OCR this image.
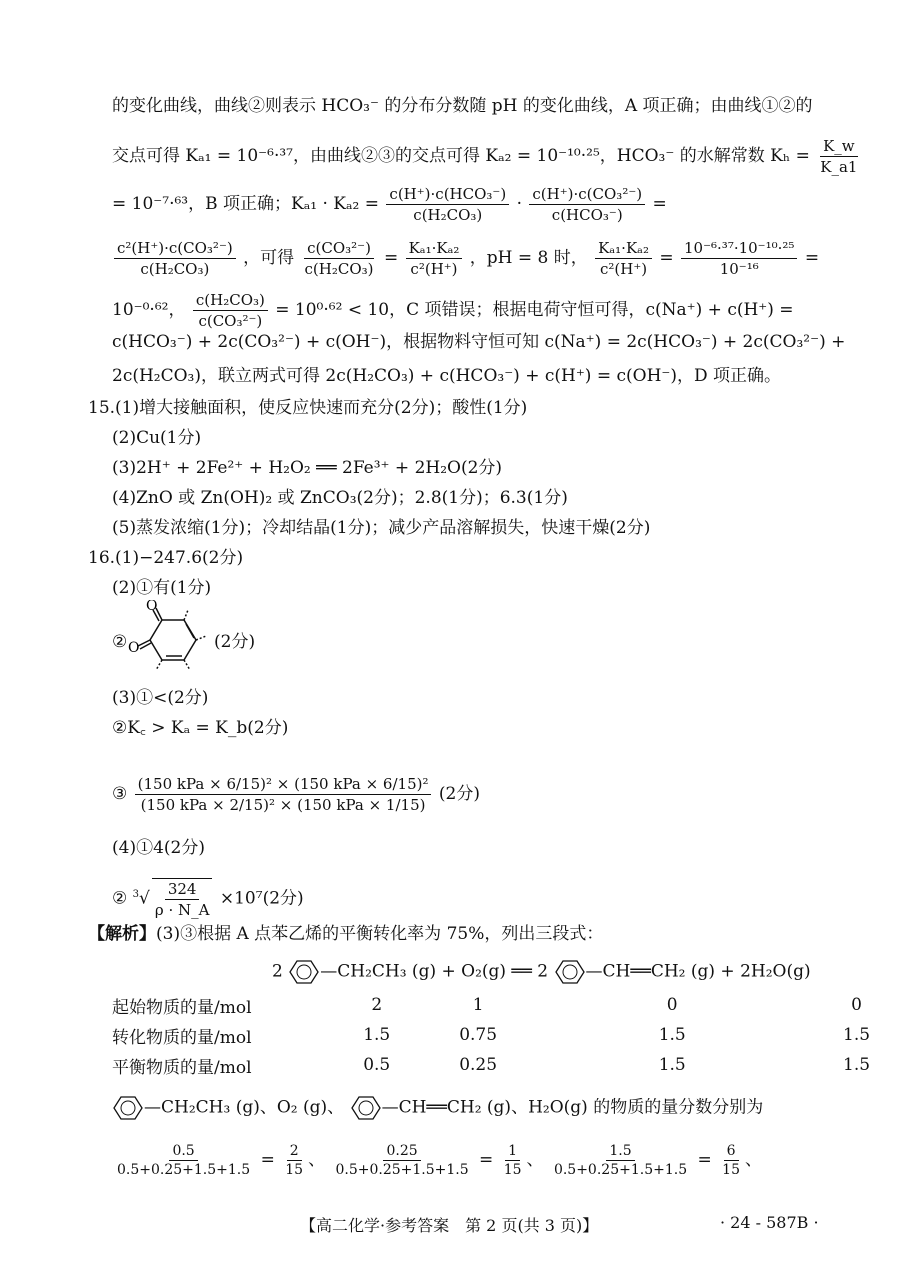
的变化曲线，曲线②则表示 HCO₃⁻ 的分布分数随 pH 的变化曲线，A 项正确；由曲线①②的
交点可得 Kₐ₁ = 10⁻⁶·³⁷，由曲线②③的交点可得 Kₐ₂ = 10⁻¹⁰·²⁵，HCO₃⁻ 的水解常数 $K_h = \frac{K\_w}{K\_a1}$
= 10⁻⁷·⁶³，B 项正确；$K_{a1} \cdot K_{a2} = \frac{\text{c(H⁺)·c(HCO₃⁻)}}{\text{c(H₂CO₃)}} \cdot \frac{\text{c(H⁺)·c(CO₃²⁻)}}{\text{c(HCO₃⁻)}}$ =
$\frac{\text{c²(H⁺)·c(CO₃²⁻)}}{\text{c(H₂CO₃)}}$ ，可得 $\frac{\text{c(CO₃²⁻)}}{\text{c(H₂CO₃)}} = \frac{\text{Kₐ₁·Kₐ₂}}{\text{c²(H⁺)}}$ ，pH = 8 时， $\frac{\text{Kₐ₁·Kₐ₂}}{\text{c²(H⁺)}} = \frac{\text{10⁻⁶·³⁷·10⁻¹⁰·²⁵}}{\text{10⁻¹⁶}}$ =
10⁻⁰·⁶²， $\frac{\text{c(H₂CO₃)}}{\text{c(CO₃²⁻)}} = 10^0\cdot^{62} < 10$，C 项错误；根据电荷守恒可得，c(Na⁺) + c(H⁺) =
c(HCO₃⁻) + 2c(CO₃²⁻) + c(OH⁻)，根据物料守恒可知 c(Na⁺) = 2c(HCO₃⁻) + 2c(CO₃²⁻) +
2c(H₂CO₃)，联立两式可得 2c(H₂CO₃) + c(HCO₃⁻) + c(H⁺) = c(OH⁻)，D 项正确。
15.(1)增大接触面积，使反应快速而充分(2分)；酸性(1分)
(2)Cu(1分)
(3)2H⁺ + 2Fe²⁺ + H₂O₂ ══ 2Fe³⁺ + 2H₂O(2分)
(4)ZnO 或 Zn(OH)₂ 或 ZnCO₃(2分)；2.8(1分)；6.3(1分)
(5)蒸发浓缩(1分)；冷却结晶(1分)；减少产品溶解损失，快速干燥(2分)
16.(1)−247.6(2分)
(2)①有(1分)
②
O
O	(2分)
(3)①<(2分)
②K꜀ > Kₐ = K_b(2分)
③ $\frac{\text{(150 kPa × 6/15)² × (150 kPa × 6/15)²}}{\text{(150 kPa × 2/15)² × (150 kPa × 1/15)}} (2$分)
(4)①4(2分)
② $^3√ \frac{324}{\rho \cdot N\_A} \times 10^7(2$分)
【解析】(3)③根据 A 点苯乙烯的平衡转化率为 75%，列出三段式：
2 —CH₂CH₃ (g) + O₂(g) ══ 2 —CH══CH₂ (g) + 2H₂O(g)
起始物质的量/mol	2	1	0	0
转化物质的量/mol	1.5	0.75	1.5	1.5
平衡物质的量/mol	0.5	0.25	1.5	1.5
—CH₂CH₃ (g)、O₂ (g)、 —CH══CH₂ (g)、H₂O(g) 的物质的量分数分别为
$\frac{0.5}{0.5+0.25+1.5+1.5} = \frac{2}{15}$ 、 $\frac{0.25}{0.5+0.25+1.5+1.5} = \frac{1}{15}$ 、 $\frac{1.5}{0.5+0.25+1.5+1.5} = \frac{6}{15}$ 、
【高二化学·参考答案　第 2 页(共 3 页)】	· 24 - 587B ·
